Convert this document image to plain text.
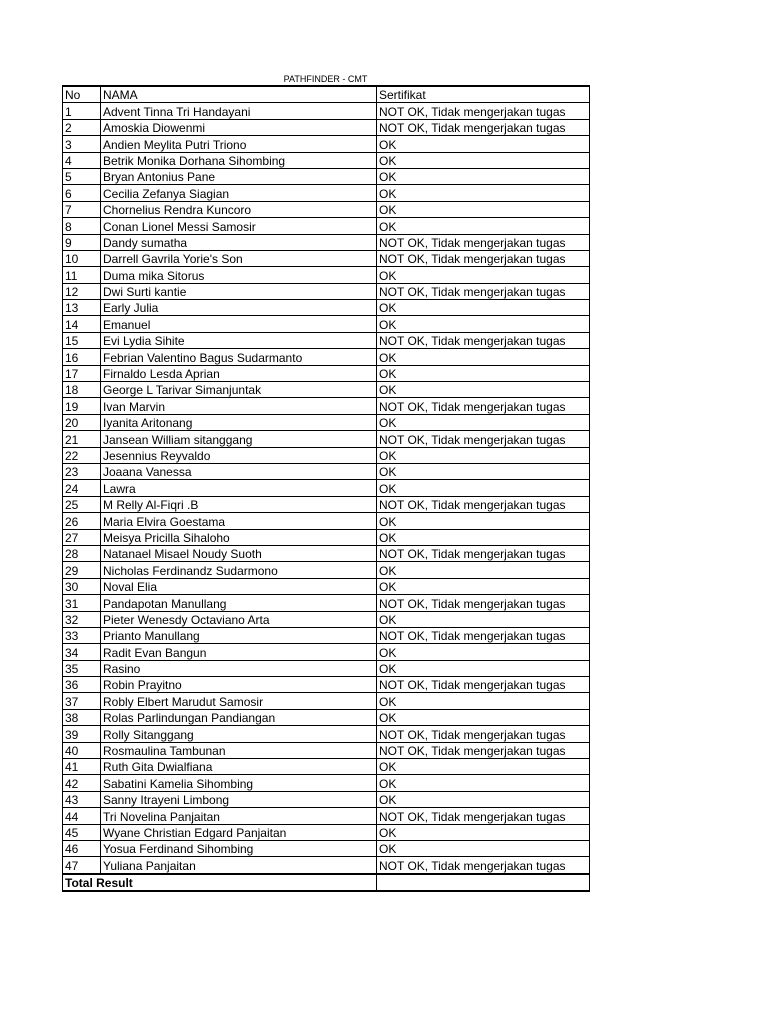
PATHFINDER - CMT
No	NAMA	Sertifikat
1	Advent Tinna Tri Handayani	NOT OK, Tidak mengerjakan tugas
2	Amoskia Diowenmi	NOT OK, Tidak mengerjakan tugas
3	Andien Meylita Putri Triono	OK
4	Betrik Monika Dorhana Sihombing	OK
5	Bryan Antonius Pane	OK
6	Cecilia Zefanya Siagian	OK
7	Chornelius Rendra Kuncoro	OK
8	Conan Lionel Messi Samosir	OK
9	Dandy sumatha	NOT OK, Tidak mengerjakan tugas
10	Darrell Gavrila Yorie's Son	NOT OK, Tidak mengerjakan tugas
11	Duma mika Sitorus	OK
12	Dwi Surti kantie	NOT OK, Tidak mengerjakan tugas
13	Early Julia	OK
14	Emanuel	OK
15	Evi Lydia Sihite	NOT OK, Tidak mengerjakan tugas
16	Febrian Valentino Bagus Sudarmanto	OK
17	Firnaldo Lesda Aprian	OK
18	George L Tarivar Simanjuntak	OK
19	Ivan Marvin	NOT OK, Tidak mengerjakan tugas
20	Iyanita Aritonang	OK
21	Jansean William sitanggang	NOT OK, Tidak mengerjakan tugas
22	Jesennius Reyvaldo	OK
23	Joaana Vanessa	OK
24	Lawra	OK
25	M Relly Al-Fiqri .B	NOT OK, Tidak mengerjakan tugas
26	Maria Elvira Goestama	OK
27	Meisya Pricilla Sihaloho	OK
28	Natanael Misael Noudy Suoth	NOT OK, Tidak mengerjakan tugas
29	Nicholas Ferdinandz Sudarmono	OK
30	Noval Elia	OK
31	Pandapotan Manullang	NOT OK, Tidak mengerjakan tugas
32	Pieter Wenesdy Octaviano Arta	OK
33	Prianto Manullang	NOT OK, Tidak mengerjakan tugas
34	Radit Evan Bangun	OK
35	Rasino	OK
36	Robin Prayitno	NOT OK, Tidak mengerjakan tugas
37	Robly Elbert Marudut Samosir	OK
38	Rolas Parlindungan Pandiangan	OK
39	Rolly Sitanggang	NOT OK, Tidak mengerjakan tugas
40	Rosmaulina Tambunan	NOT OK, Tidak mengerjakan tugas
41	Ruth Gita Dwialfiana	OK
42	Sabatini Kamelia Sihombing	OK
43	Sanny Itrayeni Limbong	OK
44	Tri Novelina Panjaitan	NOT OK, Tidak mengerjakan tugas
45	Wyane Christian Edgard Panjaitan	OK
46	Yosua Ferdinand Sihombing	OK
47	Yuliana Panjaitan	NOT OK, Tidak mengerjakan tugas
Total Result		
